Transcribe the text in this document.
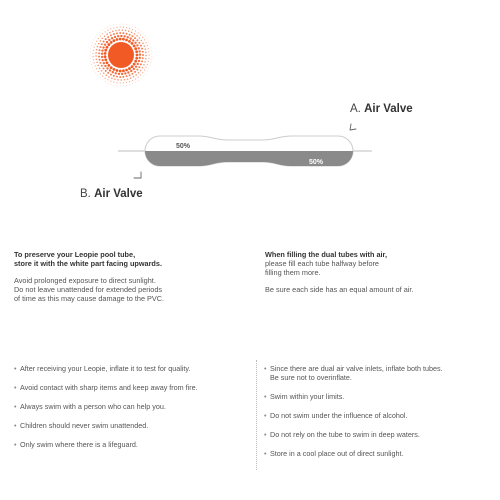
50%
50%
A. Air Valve
B. Air Valve
To preserve your Leopie pool tube,
store it with the white part facing upwards.
Avoid prolonged exposure to direct sunlight.
Do not leave unattended for extended periods
of time as this may cause damage to the PVC.
When filling the dual tubes with air,
please fill each tube halfway before
filling them more.
Be sure each side has an equal amount of air.
• After receiving your Leopie, inflate it to test for quality.
• Avoid contact with sharp items and keep away from fire.
• Always swim with a person who can help you.
• Children should never swim unattended.
• Only swim where there is a lifeguard.
• Since there are dual air valve inlets, inflate both tubes.
Be sure not to overinflate.
• Swim within your limits.
• Do not swim under the influence of alcohol.
• Do not rely on the tube to swim in deep waters.
• Store in a cool place out of direct sunlight.
